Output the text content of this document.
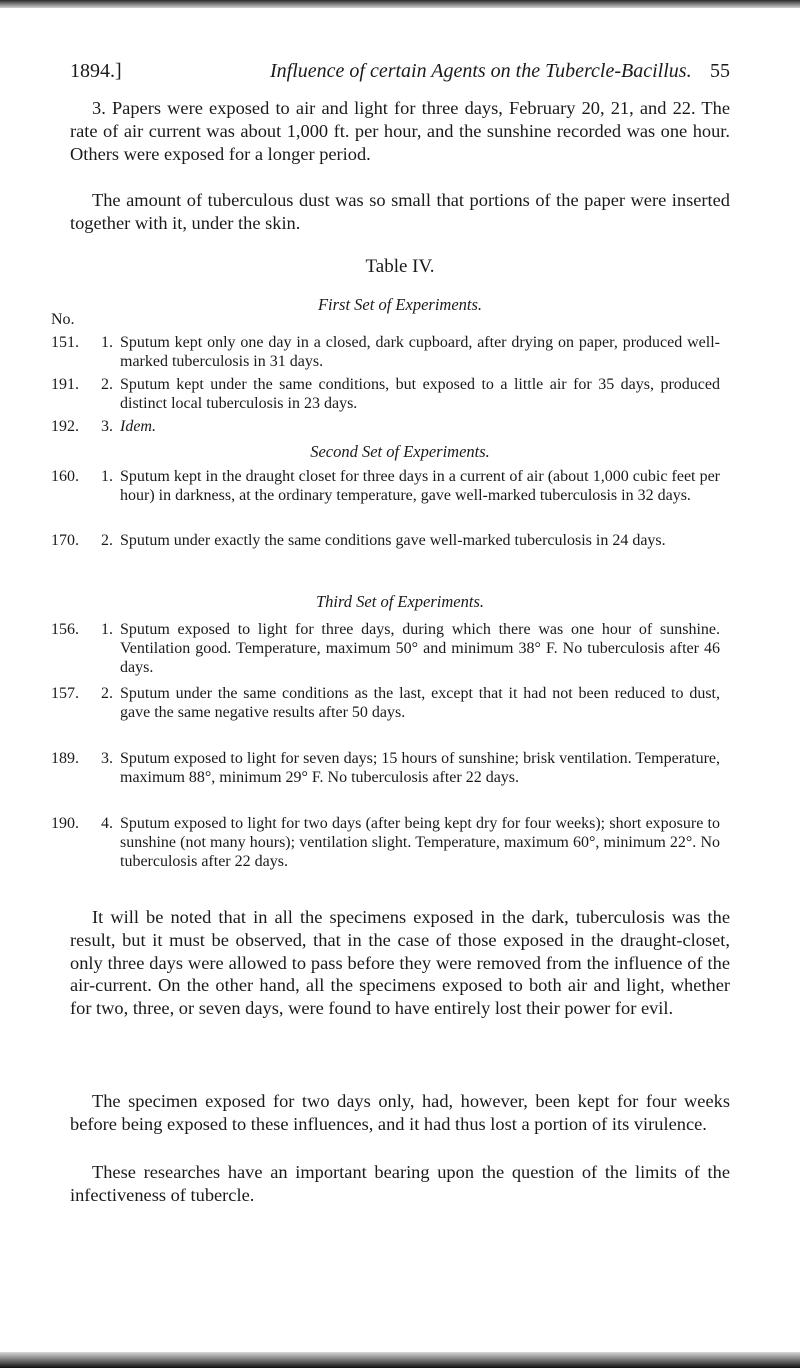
1894.]	Influence of certain Agents on the Tubercle-Bacillus. 55

3. Papers were exposed to air and light for three days, February 20, 21, and 22. The rate of air current was about 1,000 ft. per hour, and the sunshine recorded was one hour. Others were exposed for a longer period.

The amount of tuberculous dust was so small that portions of the paper were inserted together with it, under the skin.

Table IV.
First Set of Experiments.
No.
151. 1. Sputum kept only one day in a closed, dark cupboard, after drying on paper, produced well-marked tuberculosis in 31 days.
191. 2. Sputum kept under the same conditions, but exposed to a little air for 35 days, produced distinct local tuberculosis in 23 days.
192. 3. Idem.
Second Set of Experiments.
160. 1. Sputum kept in the draught closet for three days in a current of air (about 1,000 cubic feet per hour) in darkness, at the ordinary temperature, gave well-marked tuberculosis in 32 days.
170. 2. Sputum under exactly the same conditions gave well-marked tuberculosis in 24 days.
Third Set of Experiments.
156. 1. Sputum exposed to light for three days, during which there was one hour of sunshine. Ventilation good. Temperature, maximum 50° and minimum 38° F. No tuberculosis after 46 days.
157. 2. Sputum under the same conditions as the last, except that it had not been reduced to dust, gave the same negative results after 50 days.
189. 3. Sputum exposed to light for seven days; 15 hours of sunshine; brisk ventilation. Temperature, maximum 88°, minimum 29° F. No tuberculosis after 22 days.
190. 4. Sputum exposed to light for two days (after being kept dry for four weeks); short exposure to sunshine (not many hours); ventilation slight. Temperature, maximum 60°, minimum 22°. No tuberculosis after 22 days.

It will be noted that in all the specimens exposed in the dark, tuberculosis was the result, but it must be observed, that in the case of those exposed in the draught-closet, only three days were allowed to pass before they were removed from the influence of the air-current. On the other hand, all the specimens exposed to both air and light, whether for two, three, or seven days, were found to have entirely lost their power for evil.

The specimen exposed for two days only, had, however, been kept for four weeks before being exposed to these influences, and it had thus lost a portion of its virulence.

These researches have an important bearing upon the question of the limits of the infectiveness of tubercle.
